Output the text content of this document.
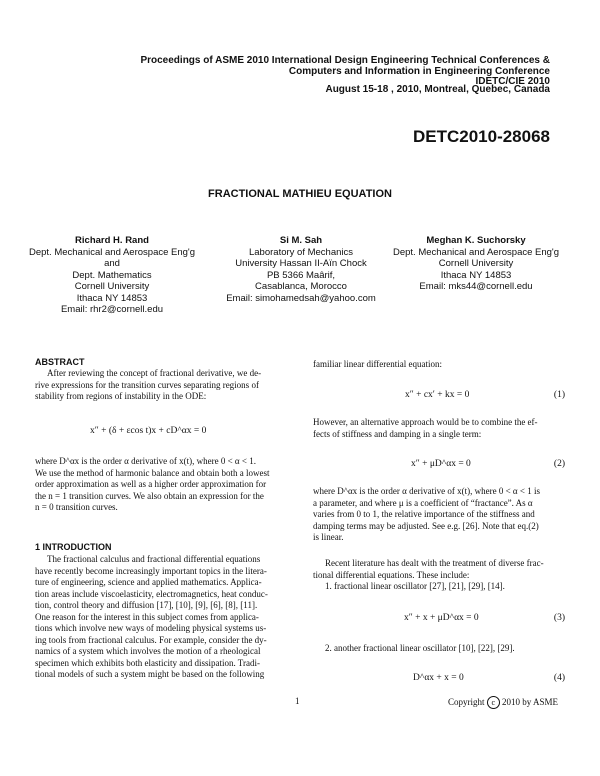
Proceedings of ASME 2010 International Design Engineering Technical Conferences &
Computers and Information in Engineering Conference
IDETC/CIE 2010
August 15-18 , 2010, Montreal, Quebec, Canada
DETC2010-28068
FRACTIONAL MATHIEU EQUATION
Richard H. Rand
Dept. Mechanical and Aerospace Eng'g
and
Dept. Mathematics
Cornell University
Ithaca NY 14853
Email: rhr2@cornell.edu
Si M. Sah
Laboratory of Mechanics
University Hassan II-Aïn Chock
PB 5366 Maârif,
Casablanca, Morocco
Email: simohamedsah@yahoo.com
Meghan K. Suchorsky
Dept. Mechanical and Aerospace Eng'g
Cornell University
Ithaca NY 14853
Email: mks44@cornell.edu
ABSTRACT
After reviewing the concept of fractional derivative, we de-
rive expressions for the transition curves separating regions of
stability from regions of instability in the ODE:
x″ + (δ + εcos t)x + cD^αx = 0
where D^αx is the order α derivative of x(t), where 0 < α < 1.
We use the method of harmonic balance and obtain both a lowest
order approximation as well as a higher order approximation for
the n = 1 transition curves. We also obtain an expression for the
n = 0 transition curves.
1 INTRODUCTION
The fractional calculus and fractional differential equations
have recently become increasingly important topics in the litera-
ture of engineering, science and applied mathematics. Applica-
tion areas include viscoelasticity, electromagnetics, heat conduc-
tion, control theory and diffusion [17], [10], [9], [6], [8], [11].
One reason for the interest in this subject comes from applica-
tions which involve new ways of modeling physical systems us-
ing tools from fractional calculus. For example, consider the dy-
namics of a system which involves the motion of a rheological
specimen which exhibits both elasticity and dissipation. Tradi-
tional models of such a system might be based on the following
familiar linear differential equation:
x″ + cx′ + kx = 0	(1)
However, an alternative approach would be to combine the ef-
fects of stiffness and damping in a single term:
x″ + μD^αx = 0	(2)
where D^αx is the order α derivative of x(t), where 0 < α < 1 is
a parameter, and where μ is a coefficient of “fractance”. As α
varies from 0 to 1, the relative importance of the stiffness and
damping terms may be adjusted. See e.g. [26]. Note that eq.(2)
is linear.
Recent literature has dealt with the treatment of diverse frac-
tional differential equations. These include:
1. fractional linear oscillator [27], [21], [29], [14].
x″ + x + μD^αx = 0	(3)
2. another fractional linear oscillator [10], [22], [29].
D^αx + x = 0	(4)
1	Copyright c 2010 by ASME
